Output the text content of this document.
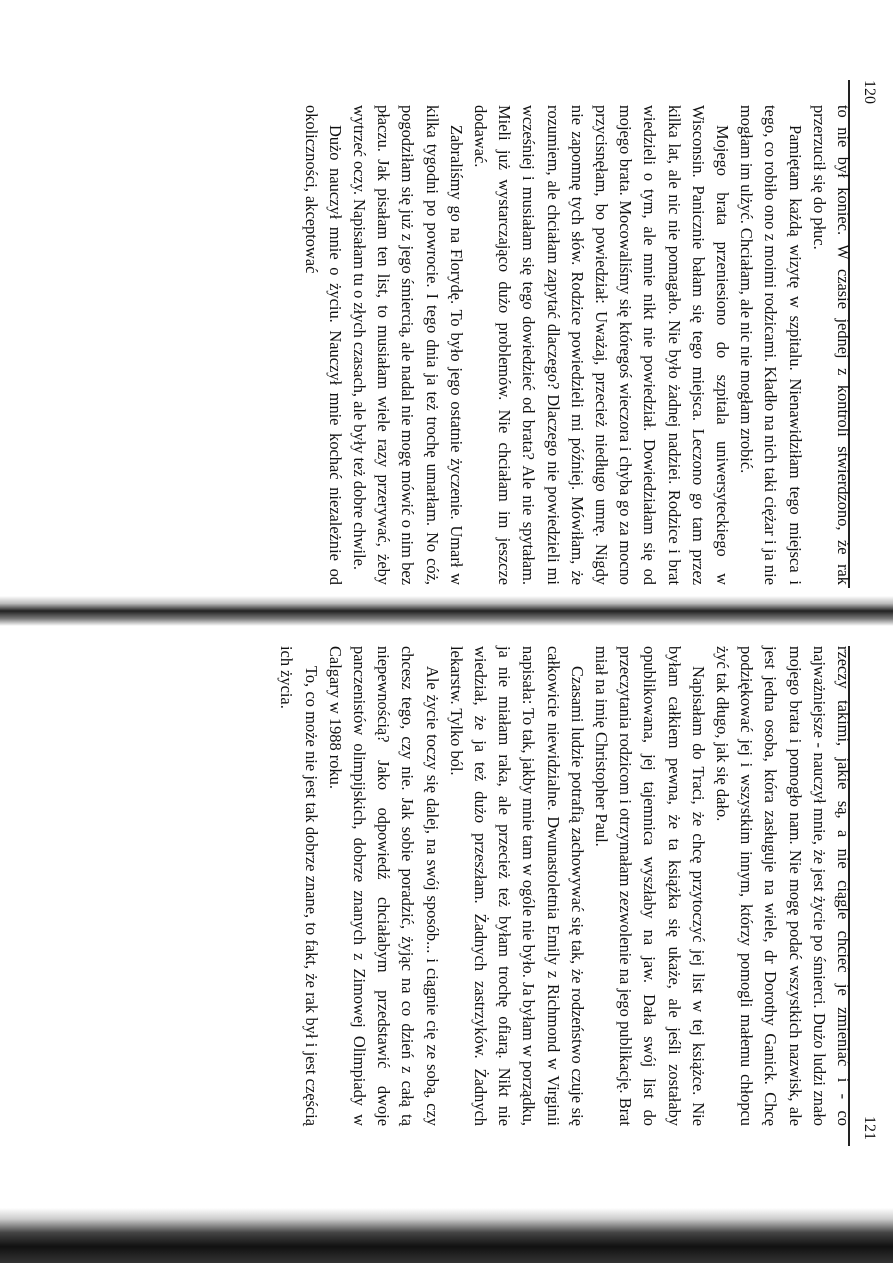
120

to nie był koniec. W czasie jednej z kontroli stwierdzono, że rak przerzucił się do płuc.

Pamiętam każdą wizytę w szpitalu. Nienawidziłam tego miejsca i tego, co robiło ono z moimi rodzicami. Kładło na nich taki ciężar i ja nie mogłam im ulżyć. Chciałam, ale nic nie mogłam zrobić.

Mojego brata przeniesiono do szpitala uniwersyteckiego w Wisconsin. Panicznie bałam się tego miejsca. Leczono go tam przez kilka lat, ale nic nie pomagało. Nie było żadnej nadziei. Rodzice i brat wiedzieli o tym, ale mnie nikt nie powiedział. Dowiedziałam się od mojego brata. Mocowaliśmy się któregoś wieczora i chyba go za mocno przycisnęłam, bo powiedział: Uważaj, przecież niedługo umrę. Nigdy nie zapomnę tych słów. Rodzice powiedzieli mi później. Mówiłam, że rozumiem, ale chciałam zapytać dlaczego? Dlaczego nie powiedzieli mi wcześniej i musiałam się tego dowiedzieć od brata? Ale nie spytałam. Mieli już wystarczająco dużo problemów. Nie chciałam im jeszcze dodawać.

Zabraliśmy go na Florydę. To było jego ostatnie życzenie. Umarł w kilka tygodni po powrocie. I tego dnia ja też trochę umarłam. No cóż, pogodziłam się już z jego śmiercią, ale nadal nie mogę mówić o nim bez płaczu. Jak pisałam ten list, to musiałam wiele razy przerywać, żeby wytrzeć oczy. Napisałam tu o złych czasach, ale były też dobre chwile.

Dużo nauczył mnie o życiu. Nauczył mnie kochać niezależnie od okoliczności, akceptować

121

rzeczy takimi, jakie są, a nie ciągle chcieć je zmieniać i - co najważniejsze - nauczył mnie, że jest życie po śmierci. Dużo ludzi znało mojego brata i pomogło nam. Nie mogę podać wszystkich nazwisk, ale jest jedna osoba, która zasługuje na wiele, dr Dorothy Ganick. Chcę podziękować jej i wszystkim innym, którzy pomogli małemu chłopcu żyć tak długo, jak się dało.

Napisałam do Traci, że chcę przytoczyć jej list w tej książce. Nie byłam całkiem pewna, że ta książka się ukaże, ale jeśli zostałaby opublikowana, jej tajemnica wyszłaby na jaw. Dała swój list do przeczytania rodzicom i otrzymałam zezwolenie na jego publikację. Brat miał na imię Christopher Paul.

Czasami ludzie potrafią zachowywać się tak, że rodzeństwo czuje się całkowicie niewidzialne. Dwunastoletnia Emily z Richmond w Virginii napisała: To tak, jakby mnie tam w ogóle nie było. Ja byłam w porządku, ja nie miałam raka, ale przecież też byłam trochę ofiarą. Nikt nie wiedział, że ja też dużo przeszłam. Żadnych zastrzyków. Żadnych lekarstw. Tylko ból.

Ale życie toczy się dalej, na swój sposób... i ciągnie cię ze sobą, czy chcesz tego, czy nie. Jak sobie poradzić, żyjąc na co dzień z całą tą niepewnością? Jako odpowiedź chciałabym przedstawić dwoje panczenistów olimpijskich, dobrze znanych z Zimowej Olimpiady w Calgary w 1988 roku.

To, co może nie jest tak dobrze znane, to fakt, że rak był i jest częścią ich życia.
